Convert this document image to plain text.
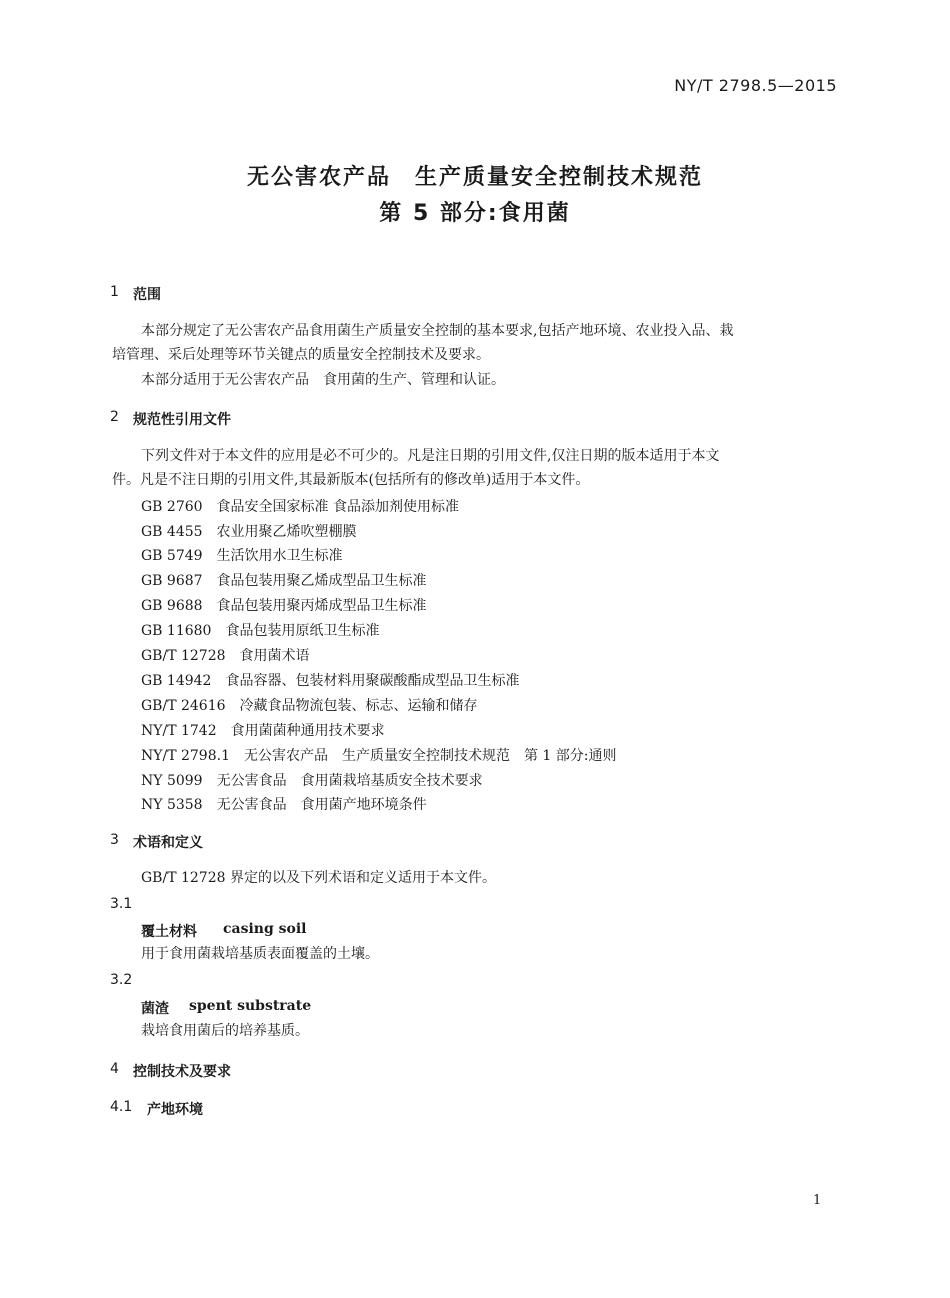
NY/T 2798.5—2015
无公害农产品　生产质量安全控制技术规范
第 5 部分:食用菌
1 范围
本部分规定了无公害农产品食用菌生产质量安全控制的基本要求,包括产地环境、农业投入品、栽
培管理、采后处理等环节关键点的质量安全控制技术及要求。
本部分适用于无公害农产品　食用菌的生产、管理和认证。
2 规范性引用文件
下列文件对于本文件的应用是必不可少的。凡是注日期的引用文件,仅注日期的版本适用于本文
件。凡是不注日期的引用文件,其最新版本(包括所有的修改单)适用于本文件。
GB 2760　食品安全国家标准 食品添加剂使用标准
GB 4455　农业用聚乙烯吹塑棚膜
GB 5749　生活饮用水卫生标准
GB 9687　食品包装用聚乙烯成型品卫生标准
GB 9688　食品包装用聚丙烯成型品卫生标准
GB 11680　食品包装用原纸卫生标准
GB/T 12728　食用菌术语
GB 14942　食品容器、包装材料用聚碳酸酯成型品卫生标准
GB/T 24616　冷藏食品物流包装、标志、运输和储存
NY/T 1742　食用菌菌种通用技术要求
NY/T 2798.1　无公害农产品　生产质量安全控制技术规范　第 1 部分:通则
NY 5099　无公害食品　食用菌栽培基质安全技术要求
NY 5358　无公害食品　食用菌产地环境条件
3 术语和定义
GB/T 12728 界定的以及下列术语和定义适用于本文件。
3.1
覆土材料 casing soil
用于食用菌栽培基质表面覆盖的土壤。
3.2
菌渣 spent substrate
栽培食用菌后的培养基质。
4 控制技术及要求
4.1 产地环境
1
